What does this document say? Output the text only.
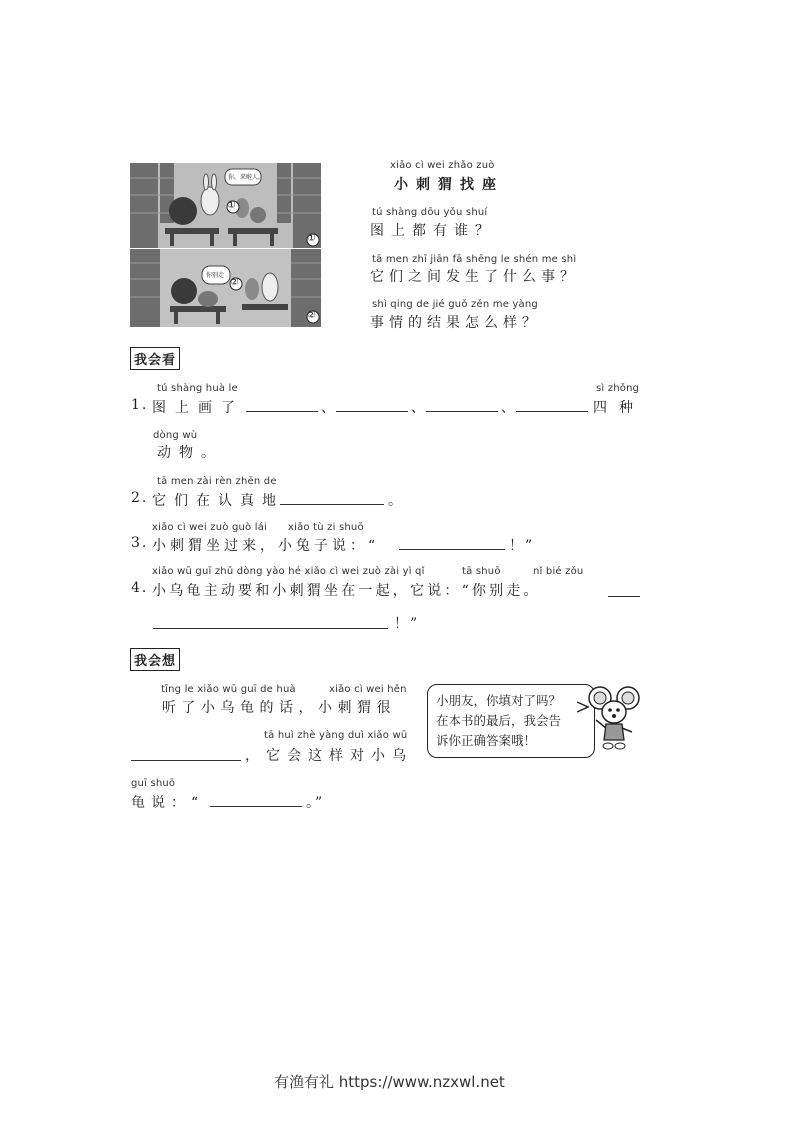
你，来啦人。
①
①
你别走
②
②
xiǎo cì wei zhǎo zuò
小刺猬找座
tú shàng dōu yǒu shuí
图上都有谁？
tā men zhī jiān fā shēng le shén me shì
它们之间发生了什么事？
shì qing de jié guǒ zěn me yàng
事情的结果怎么样？
我会看
tú shàng huà le	sì zhǒng
1. 图上画了	、	、	、	四种
dòng wù
动物。
tā men zài rèn zhēn de
2. 它们在认真地	。
xiǎo cì wei zuò guò lái xiǎo tù zi shuō
3. 小刺猬坐过来，小兔子说：“	！”
xiǎo wū guī zhǔ dòng yào hé xiǎo cì wei zuò zài yì qǐ	tā shuō	nǐ bié zǒu
4. 小乌龟主动要和小刺猬坐在一起，它说：“你别走。
！”
我会想
tīng le xiǎo wū guī de huà	xiǎo cì wei hěn
听了小乌龟的话，小刺猬很
tā huì zhè yàng duì xiǎo wū
，它会这样对小乌
guī shuō
龟说：“	。”
小朋友，你填对了吗？
在本书的最后，我会告
诉你正确答案哦！
有渔有礼 https://www.nzxwl.net
